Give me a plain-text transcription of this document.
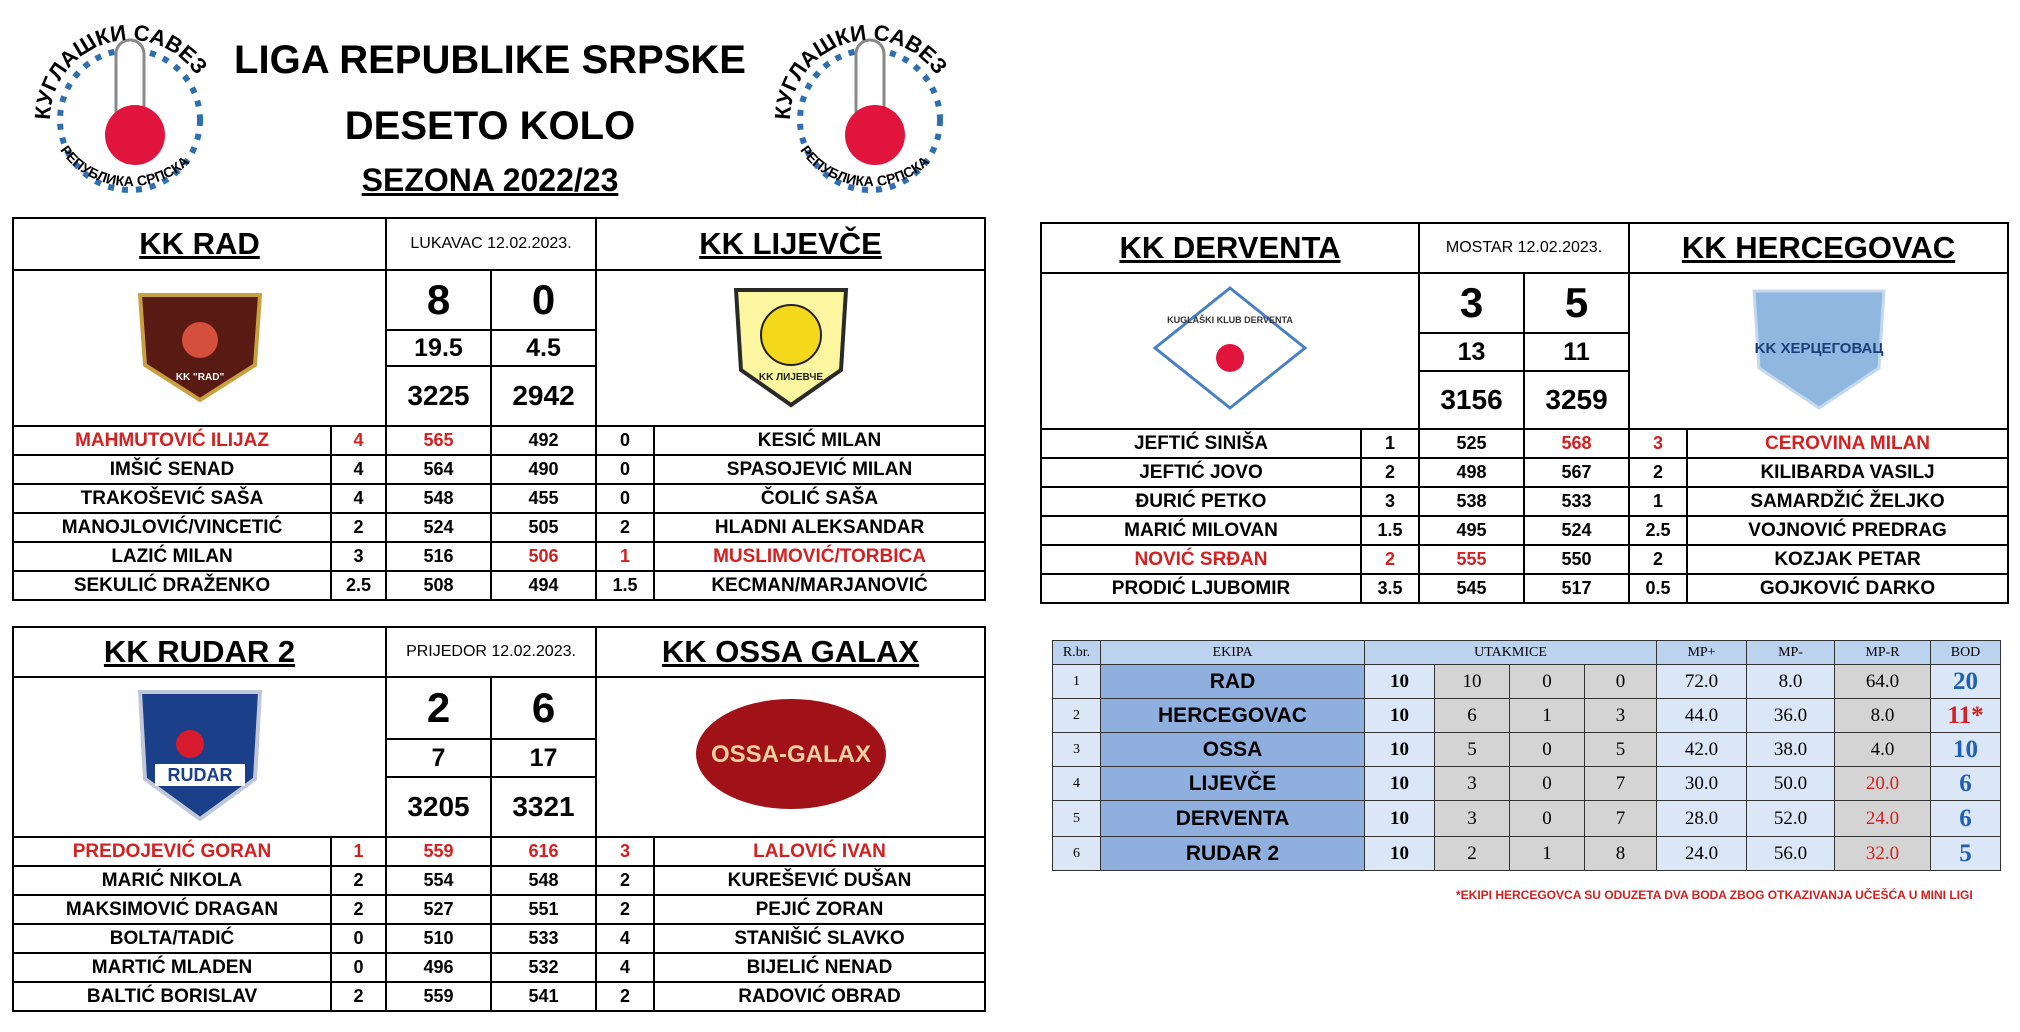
КУГЛАШКИ САВЕЗ
РЕПУБЛИКА СРПСКА
КУГЛАШКИ САВЕЗ
РЕПУБЛИКА СРПСКА
LIGA REPUBLIKE SRPSKE
DESETO KOLO
SEZONA 2022/23
KK RAD		LUKAVAC 12.02.2023.		KK LIJEVČE	

KK "RAD"		8	0	KK ЛИЈЕВЧЕ	

		19.5	4.5		
		3225	2942		
MAHMUTOVIĆ ILIJAZ	4	565	492	0	KESIĆ MILAN
IMŠIĆ SENAD	4	564	490	0	SPASOJEVIĆ MILAN
TRAKOŠEVIĆ SAŠA	4	548	455	0	ČOLIĆ SAŠA
MANOJLOVIĆ/VINCETIĆ	2	524	505	2	HLADNI ALEKSANDAR
LAZIĆ MILAN	3	516	506	1	MUSLIMOVIĆ/TORBICA
SEKULIĆ DRAŽENKO	2.5	508	494	1.5	KECMAN/MARJANOVIĆ
KK DERVENTA		MOSTAR 12.02.2023.		KK HERCEGOVAC	

KUGLAŠKI KLUB DERVENTA		3	5	KK ХЕРЦЕГОВАЦ	

		13	11		
		3156	3259		
JEFTIĆ SINIŠA	1	525	568	3	CEROVINA MILAN
JEFTIĆ JOVO	2	498	567	2	KILIBARDA VASILJ
ĐURIĆ PETKO	3	538	533	1	SAMARDŽIĆ ŽELJKO
MARIĆ MILOVAN	1.5	495	524	2.5	VOJNOVIĆ PREDRAG
NOVIĆ SRĐAN	2	555	550	2	KOZJAK PETAR
PRODIĆ LJUBOMIR	3.5	545	517	0.5	GOJKOVIĆ DARKO
KK RUDAR 2		PRIJEDOR 12.02.2023.		KK OSSA GALAX	

RUDAR		2	6	OSSA-GALAX	

		7	17		
		3205	3321		
PREDOJEVIĆ GORAN	1	559	616	3	LALOVIĆ IVAN
MARIĆ NIKOLA	2	554	548	2	KUREŠEVIĆ DUŠAN
MAKSIMOVIĆ DRAGAN	2	527	551	2	PEJIĆ ZORAN
BOLTA/TADIĆ	0	510	533	4	STANIŠIĆ SLAVKO
MARTIĆ MLADEN	0	496	532	4	BIJELIĆ NENAD
BALTIĆ BORISLAV	2	559	541	2	RADOVIĆ OBRAD
R.br.	EKIPA	UTAKMICE				MP+	MP-	MP-R	BOD
1	RAD	10	10	0	0	72.0	8.0	64.0	20
2	HERCEGOVAC	10	6	1	3	44.0	36.0	8.0	11*
3	OSSA	10	5	0	5	42.0	38.0	4.0	10
4	LIJEVČE	10	3	0	7	30.0	50.0	20.0	6
5	DERVENTA	10	3	0	7	28.0	52.0	24.0	6
6	RUDAR 2	10	2	1	8	24.0	56.0	32.0	5
*EKIPI HERCEGOVCA SU ODUZETA DVA BODA ZBOG OTKAZIVANJA UČEŠĆA U MINI LIGI
